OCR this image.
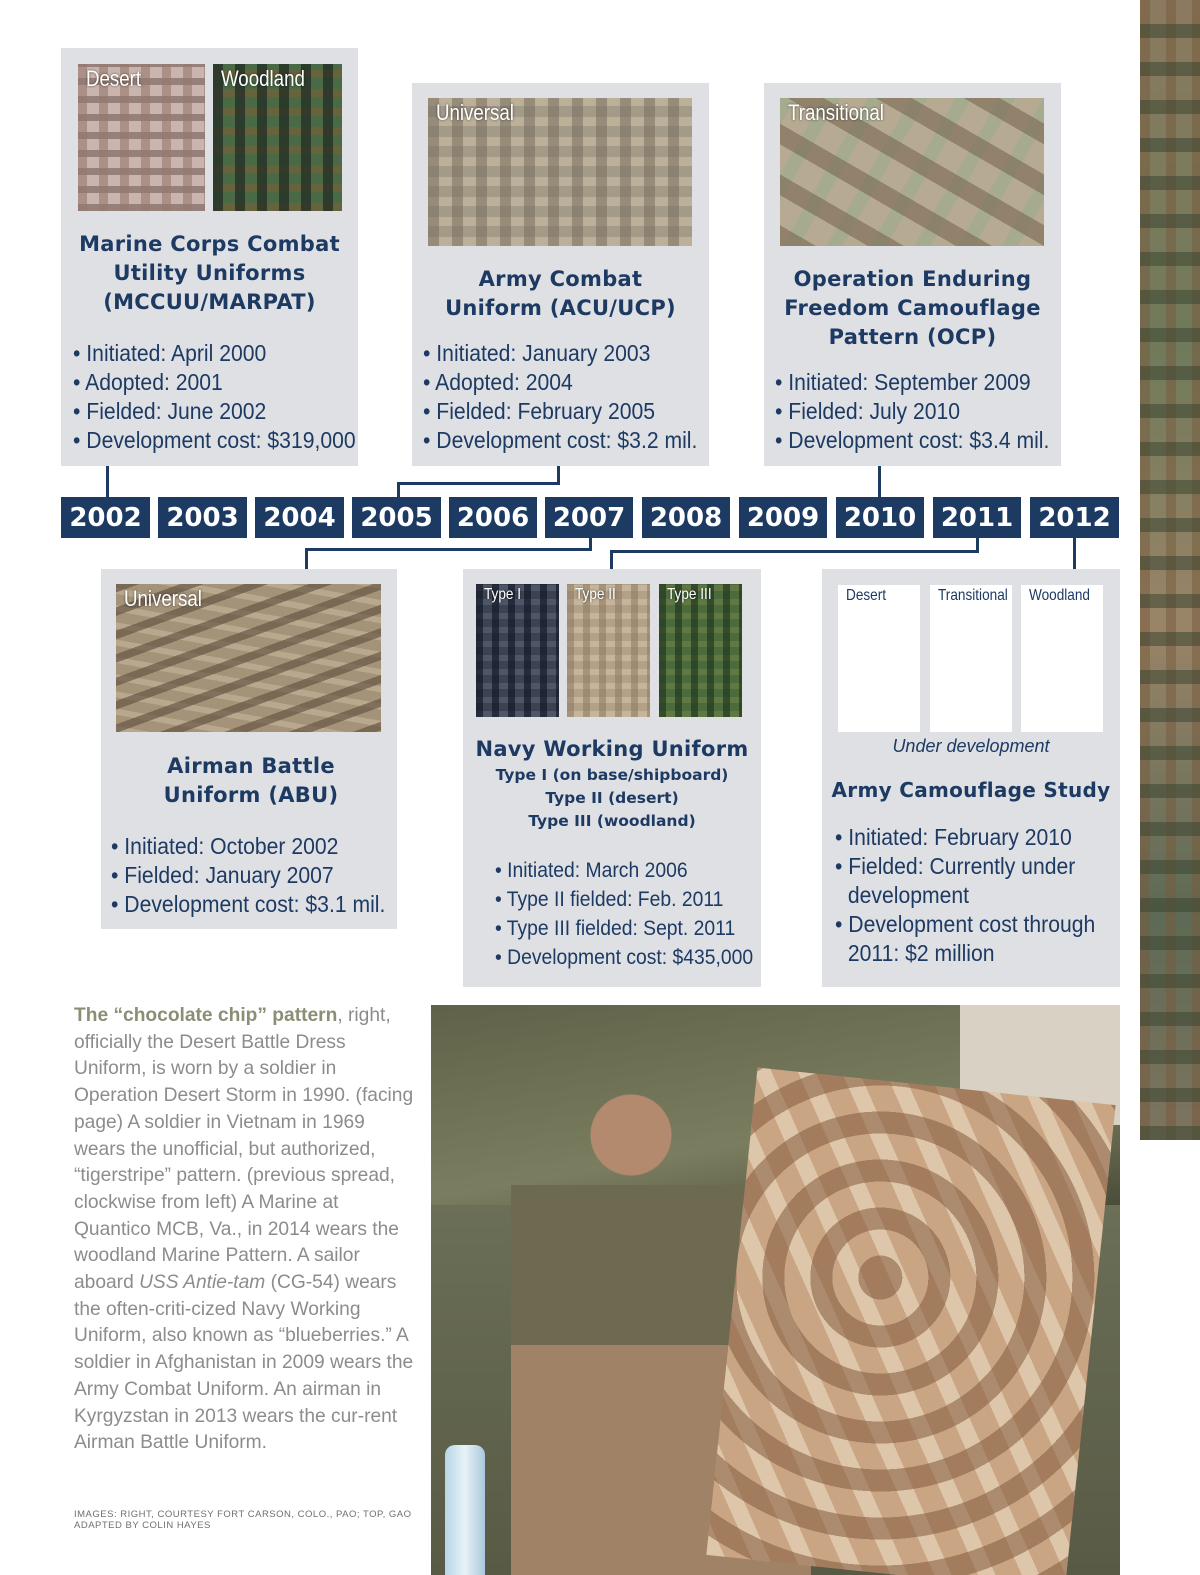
Desert	Woodland
Marine Corps Combat
Utility Uniforms
(MCCUU/MARPAT)
• Initiated: April 2000
• Adopted: 2001
• Fielded: June 2002
• Development cost: $319,000
Universal
Army Combat
Uniform (ACU/UCP)
• Initiated: January 2003
• Adopted: 2004
• Fielded: February 2005
• Development cost: $3.2 mil.
Transitional
Operation Enduring
Freedom Camouflage
Pattern (OCP)
• Initiated: September 2009
• Fielded: July 2010
• Development cost: $3.4 mil.
2002 2003 2004 2005 2006 2007 2008 2009 2010 2011 2012
Universal
Airman Battle
Uniform (ABU)
• Initiated: October 2002
• Fielded: January 2007
• Development cost: $3.1 mil.
Type I	Type II	Type III
Navy Working Uniform
Type I (on base/shipboard)
Type II (desert)
Type III (woodland)
• Initiated: March 2006
• Type II fielded: Feb. 2011
• Type III fielded: Sept. 2011
• Development cost: $435,000
Desert	Transitional Woodland
Under development
Army Camouflage Study
• Initiated: February 2010
• Fielded: Currently under
development
• Development cost through
2011: $2 million
The “chocolate chip” pattern, right, officially the Desert Battle Dress Uniform, is worn by a soldier in Operation Desert Storm in 1990. (facing page) A soldier in Vietnam in 1969 wears the unofficial, but authorized, “tigerstripe” pattern. (previous spread, clockwise from left) A Marine at Quantico MCB, Va., in 2014 wears the woodland Marine Pattern. A sailor aboard USS Antie-tam (CG-54) wears the often-criti-cized Navy Working Uniform, also known as “blueberries.” A soldier in Afghanistan in 2009 wears the Army Combat Uniform. An airman in Kyrgyzstan in 2013 wears the cur-rent Airman Battle Uniform.
IMAGES: RIGHT, COURTESY FORT CARSON, COLO., PAO; TOP, GAO ADAPTED BY COLIN HAYES
